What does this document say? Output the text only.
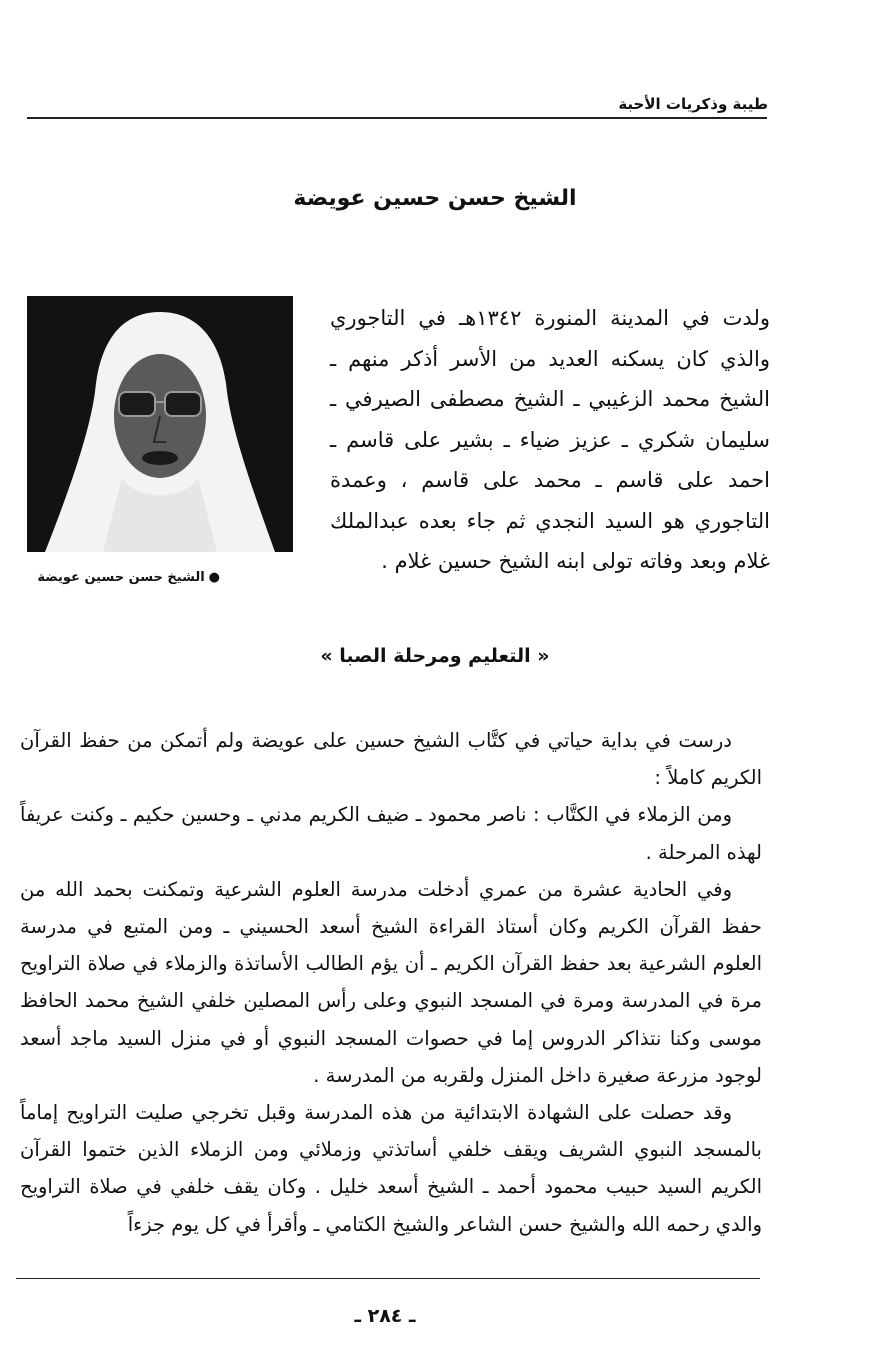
طيبة وذكريات الأحبة
الشيخ حسن حسين عويضة
●الشيخ حسن حسين عويضة

ولدت في المدينة المنورة ١٣٤٢هـ في التاجوري والذي كان يسكنه العديد من الأسر أذكر منهم ـ الشيخ محمد الزغيبي ـ الشيخ مصطفى الصيرفي ـ سليمان شكري ـ عزيز ضياء ـ بشير على قاسم ـ احمد على قاسم ـ محمد على قاسم ، وعمدة التاجوري هو السيد النجدي ثم جاء بعده عبدالملك غلام وبعد وفاته تولى ابنه الشيخ حسين غلام .

« التعليم ومرحلة الصبا »

درست في بداية حياتي في كتَّاب الشيخ حسين على عويضة ولم أتمكن من حفظ القرآن الكريم كاملاً :

ومن الزملاء في الكتَّاب : ناصر محمود ـ ضيف الكريم مدني ـ وحسين حكيم ـ وكنت عريفاً لهذه المرحلة .

وفي الحادية عشرة من عمري أدخلت مدرسة العلوم الشرعية وتمكنت بحمد الله من حفظ القرآن الكريم وكان أستاذ القراءة الشيخ أسعد الحسيني ـ ومن المتبع في مدرسة العلوم الشرعية بعد حفظ القرآن الكريم ـ أن يؤم الطالب الأساتذة والزملاء في صلاة التراويح مرة في المدرسة ومرة في المسجد النبوي وعلى رأس المصلين خلفي الشيخ محمد الحافظ موسى وكنا نتذاكر الدروس إما في حصوات المسجد النبوي أو في منزل السيد ماجد أسعد لوجود مزرعة صغيرة داخل المنزل ولقربه من المدرسة .

وقد حصلت على الشهادة الابتدائية من هذه المدرسة وقبل تخرجي صليت التراويح إماماً بالمسجد النبوي الشريف ويقف خلفي أساتذتي وزملائي ومن الزملاء الذين ختموا القرآن الكريم السيد حبيب محمود أحمد ـ الشيخ أسعد خليل . وكان يقف خلفي في صلاة التراويح والدي رحمه الله والشيخ حسن الشاعر والشيخ الكتامي ـ وأقرأ في كل يوم جزءاً

ـ ٢٨٤ ـ
